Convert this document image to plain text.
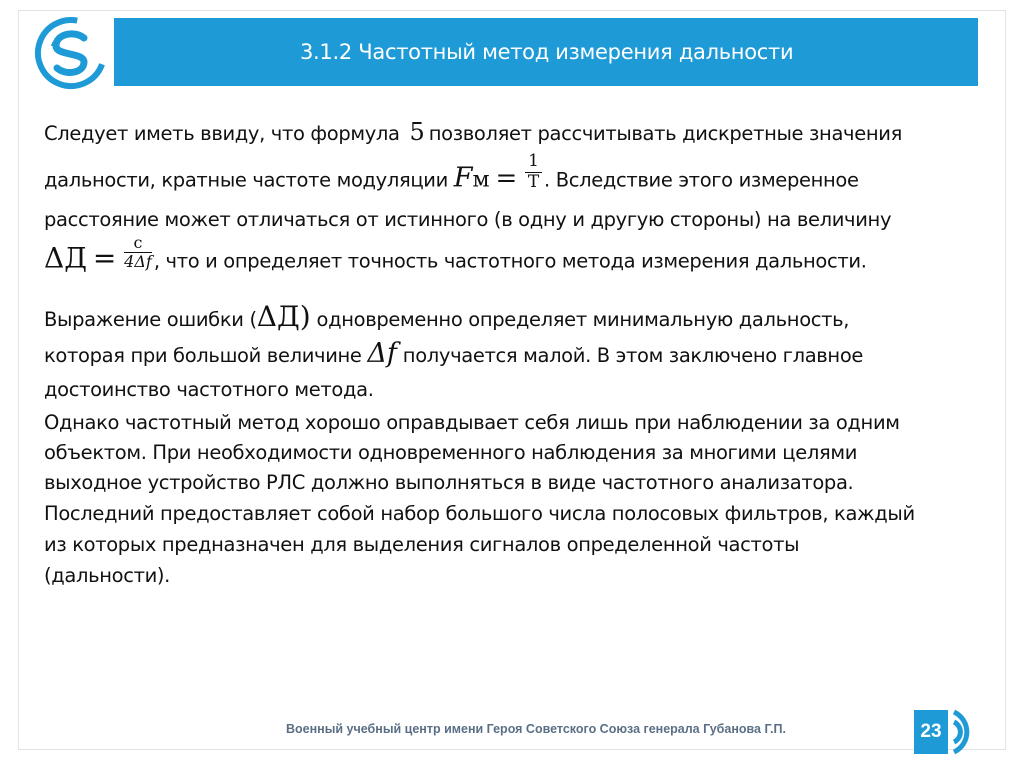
3.1.2 Частотный метод измерения дальности
Следует иметь ввиду, что формула 5 позволяет рассчитывать дискретные значения
дальности, кратные частоте модуляции Fм = $\frac{1}{T}$ . Вследствие этого измеренное
расстояние может отличаться от истинного (в одну и другую стороны) на величину
$\Delta Д = \frac{c}{4\Delta f}$ , что и определяет точность частотного метода измерения дальности.
Выражение ошибки (ΔД) одновременно определяет минимальную дальность,
которая при большой величине Δf получается малой. В этом заключено главное
достоинство частотного метода.
Однако частотный метод хорошо оправдывает себя лишь при наблюдении за одним
объектом. При необходимости одновременного наблюдения за многими целями
выходное устройство РЛС должно выполняться в виде частотного анализатора.
Последний предоставляет собой набор большого числа полосовых фильтров, каждый
из которых предназначен для выделения сигналов определенной частоты
(дальности).
Военный учебный центр имени Героя Советского Союза генерала Губанова Г.П.	23
